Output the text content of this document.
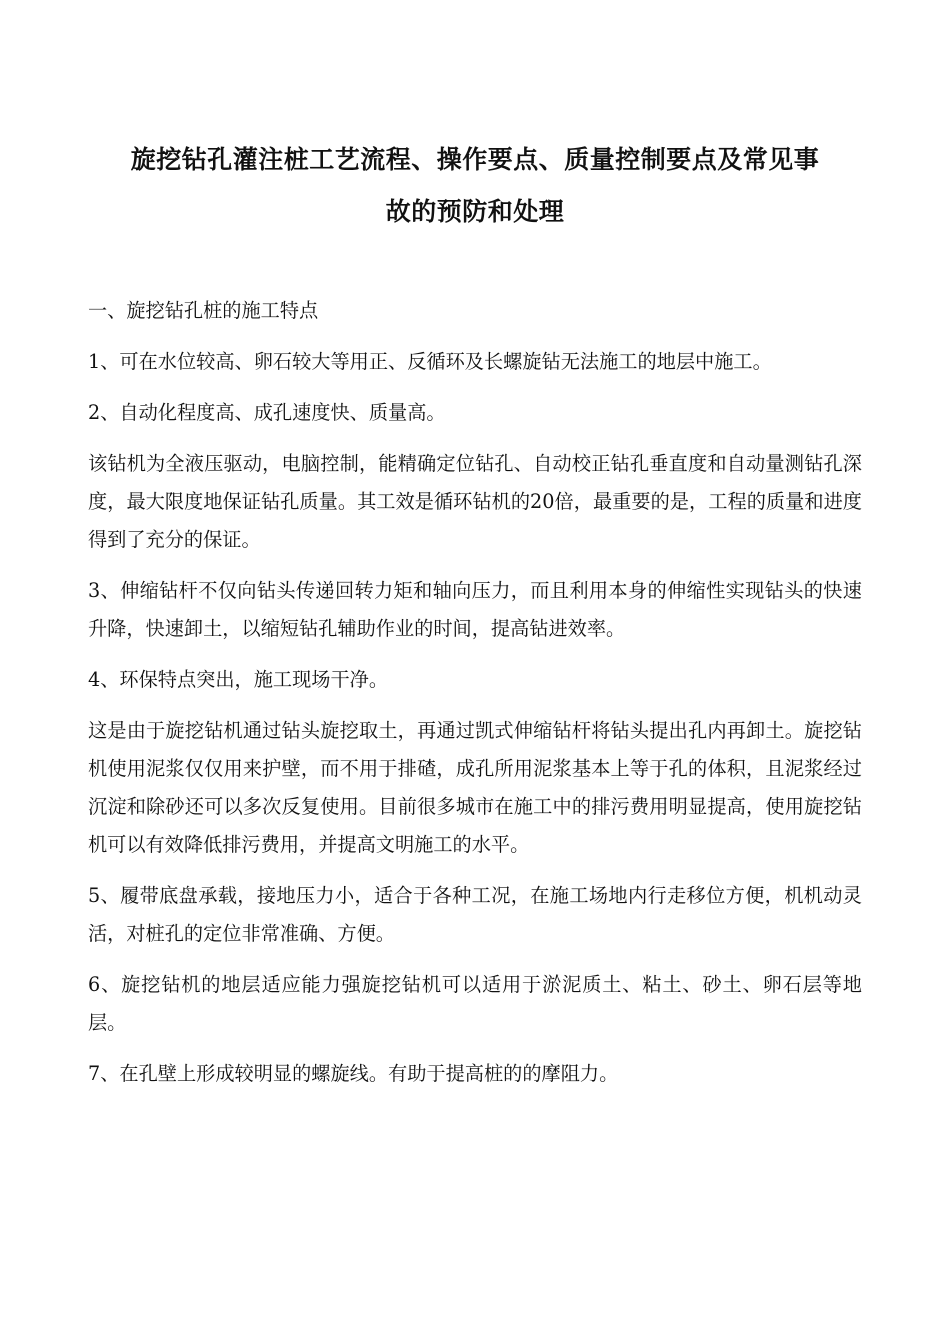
旋挖钻孔灌注桩工艺流程、操作要点、质量控制要点及常见事
故的预防和处理

一、旋挖钻孔桩的施工特点

1、可在水位较高、卵石较大等用正、反循环及长螺旋钻无法施工的地层中施工。

2、自动化程度高、成孔速度快、质量高。

该钻机为全液压驱动，电脑控制，能精确定位钻孔、自动校正钻孔垂直度和自动量测钻孔深度，最大限度地保证钻孔质量。其工效是循环钻机的20倍，最重要的是，工程的质量和进度得到了充分的保证。

3、伸缩钻杆不仅向钻头传递回转力矩和轴向压力，而且利用本身的伸缩性实现钻头的快速升降，快速卸土，以缩短钻孔辅助作业的时间，提高钻进效率。

4、环保特点突出，施工现场干净。

这是由于旋挖钻机通过钻头旋挖取土，再通过凯式伸缩钻杆将钻头提出孔内再卸土。旋挖钻机使用泥浆仅仅用来护壁，而不用于排碴，成孔所用泥浆基本上等于孔的体积，且泥浆经过沉淀和除砂还可以多次反复使用。目前很多城市在施工中的排污费用明显提高，使用旋挖钻机可以有效降低排污费用，并提高文明施工的水平。

5、履带底盘承载，接地压力小，适合于各种工况，在施工场地内行走移位方便，机机动灵活，对桩孔的定位非常准确、方便。

6、旋挖钻机的地层适应能力强旋挖钻机可以适用于淤泥质土、粘土、砂土、卵石层等地层。

7、在孔壁上形成较明显的螺旋线。有助于提高桩的的摩阻力。
